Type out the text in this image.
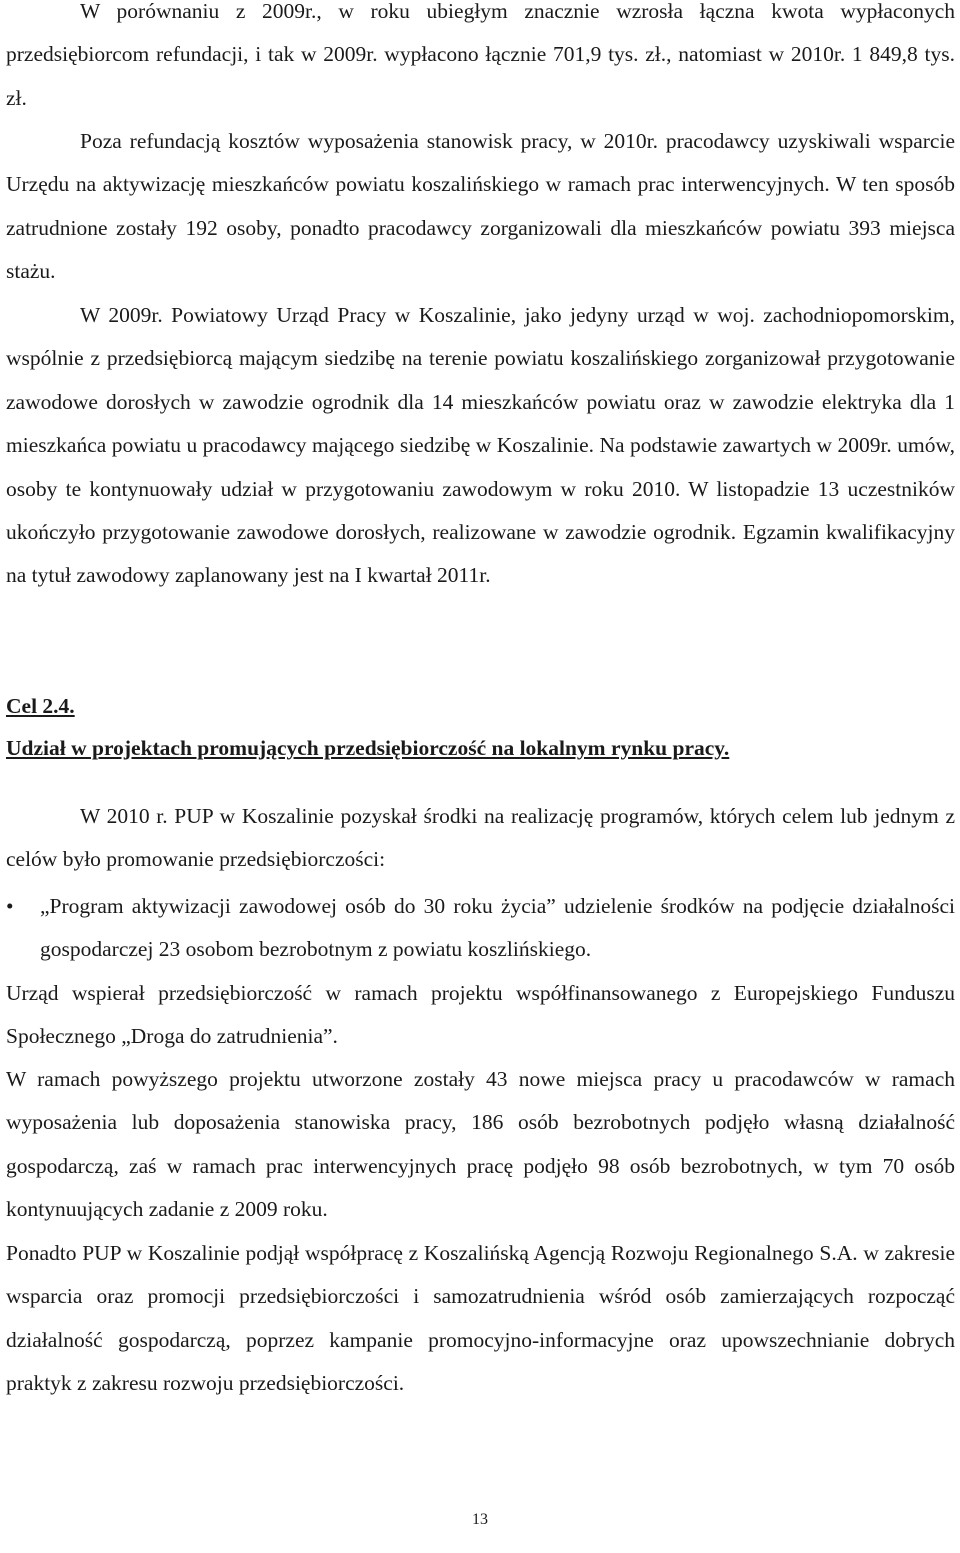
W porównaniu z 2009r., w roku ubiegłym znacznie wzrosła łączna kwota wypłaconych przedsiębiorcom refundacji, i tak w 2009r. wypłacono łącznie 701,9 tys. zł., natomiast w 2010r. 1 849,8 tys. zł.

Poza refundacją kosztów wyposażenia stanowisk pracy, w 2010r. pracodawcy uzyskiwali wsparcie Urzędu na aktywizację mieszkańców powiatu koszalińskiego w ramach prac interwencyjnych. W ten sposób zatrudnione zostały 192 osoby, ponadto pracodawcy zorganizowali dla mieszkańców powiatu 393 miejsca stażu.

W 2009r. Powiatowy Urząd Pracy w Koszalinie, jako jedyny urząd w woj. zachodniopomorskim, wspólnie z przedsiębiorcą mającym siedzibę na terenie powiatu koszalińskiego zorganizował przygotowanie zawodowe dorosłych w zawodzie ogrodnik dla 14 mieszkańców powiatu oraz w zawodzie elektryka dla 1 mieszkańca powiatu u pracodawcy mającego siedzibę w Koszalinie. Na podstawie zawartych w 2009r. umów, osoby te kontynuowały udział w przygotowaniu zawodowym w roku 2010. W listopadzie 13 uczestników ukończyło przygotowanie zawodowe dorosłych, realizowane w zawodzie ogrodnik. Egzamin kwalifikacyjny na tytuł zawodowy zaplanowany jest na I kwartał 2011r.

Cel 2.4.

Udział w projektach promujących przedsiębiorczość na lokalnym rynku pracy.

W 2010 r. PUP w Koszalinie pozyskał środki na realizację programów, których celem lub jednym z celów było promowanie przedsiębiorczości:

•	„Program aktywizacji zawodowej osób do 30 roku życia” udzielenie środków na podjęcie działalności gospodarczej 23 osobom bezrobotnym z powiatu koszlińskiego.

Urząd wspierał przedsiębiorczość w ramach projektu współfinansowanego z Europejskiego Funduszu Społecznego „Droga do zatrudnienia”.

W ramach powyższego projektu utworzone zostały 43 nowe miejsca pracy u pracodawców w ramach wyposażenia lub doposażenia stanowiska pracy, 186 osób bezrobotnych podjęło własną działalność gospodarczą, zaś w ramach prac interwencyjnych pracę podjęło 98 osób bezrobotnych, w tym 70 osób kontynuujących zadanie z 2009 roku.

Ponadto PUP w Koszalinie podjął współpracę z Koszalińską Agencją Rozwoju Regionalnego S.A. w zakresie wsparcia oraz promocji przedsiębiorczości i samozatrudnienia wśród osób zamierzających rozpocząć działalność gospodarczą, poprzez kampanie promocyjno-informacyjne oraz upowszechnianie dobrych praktyk z zakresu rozwoju przedsiębiorczości.

13
